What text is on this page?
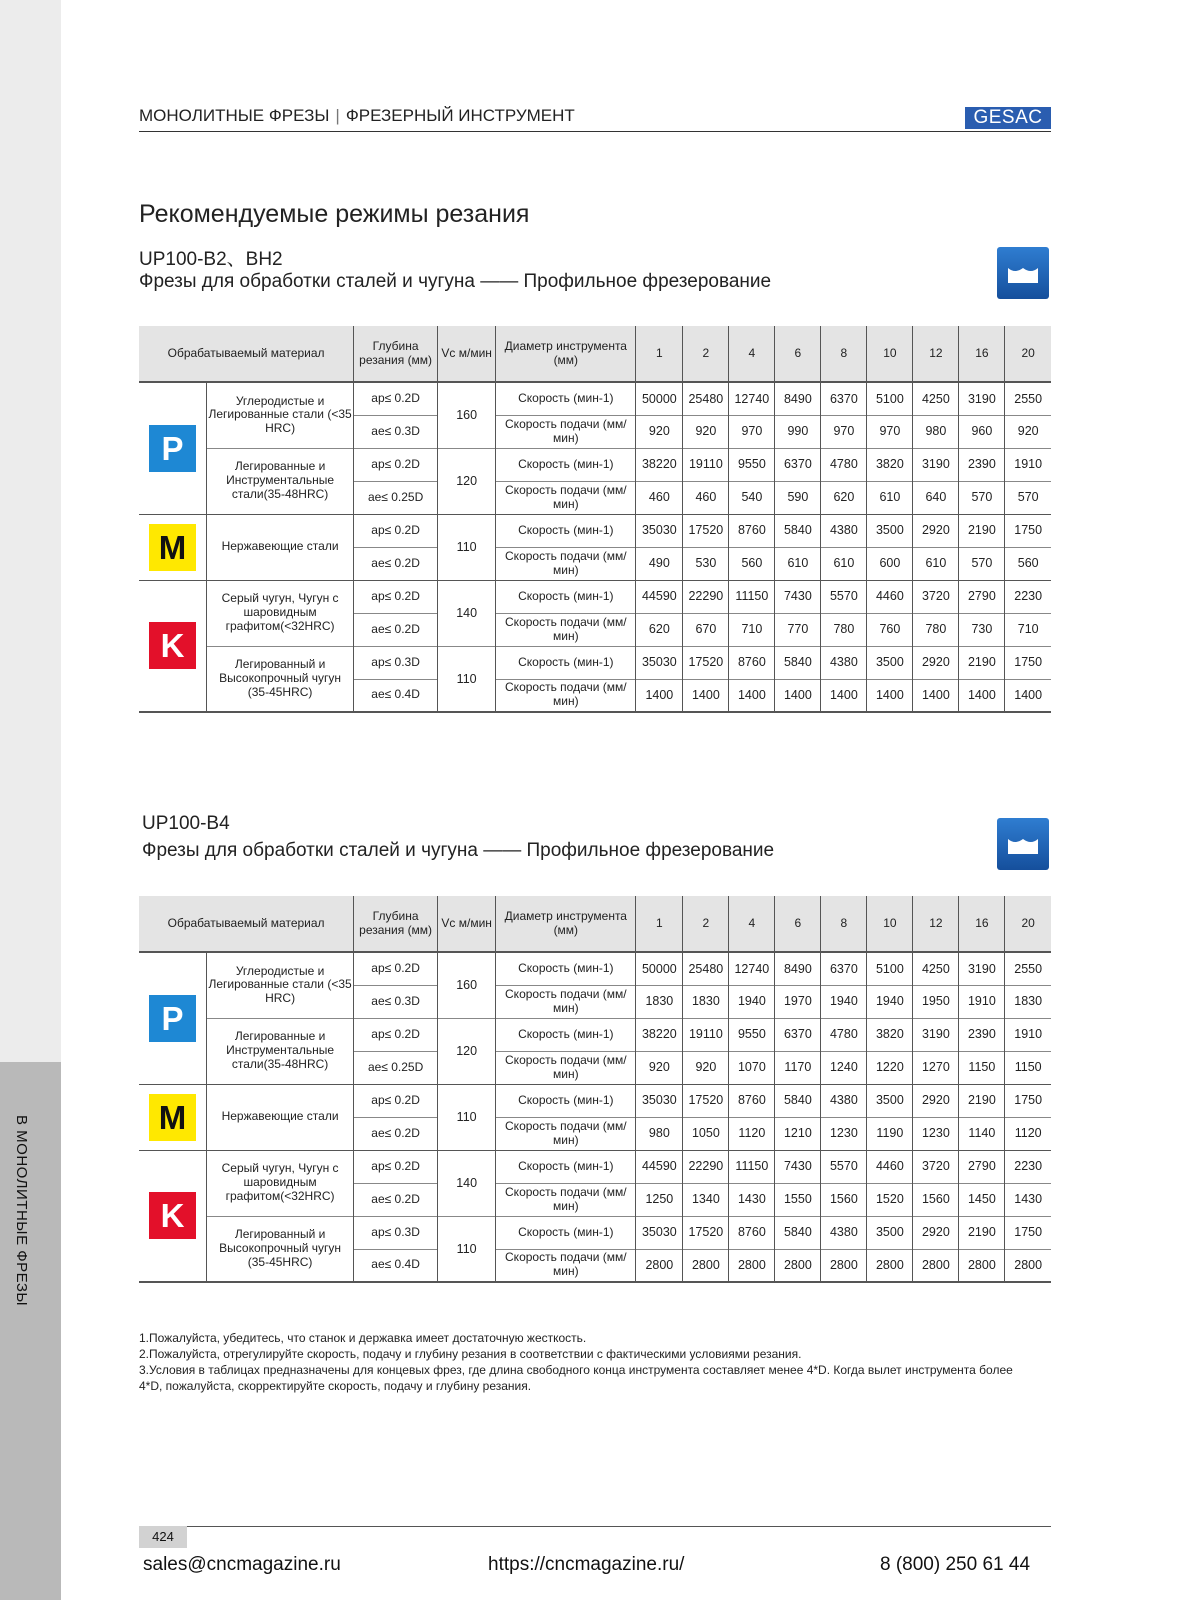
В МОНОЛИТНЫЕ ФРЕЗЫ
МОНОЛИТНЫЕ ФРЕЗЫ | ФРЕЗЕРНЫЙ ИНСТРУМЕНТ	GESAC
Рекомендуемые режимы резания
UP100-B2、BH2
Фрезы для обработки сталей и чугуна —— Профильное фрезерование
Обрабатываемый материал		Глубина резания (мм)	Vc м/мин	Диаметр инструмента (мм)	1	2	4	6	8	10	12	16	20
P	Углеродистые и Легированные стали (<35 HRC)	ap≤ 0.2D	160	Скорость (мин-1)	50000	25480	12740	8490	6370	5100	4250	3190	2550
		ae≤ 0.3D		Скорость подачи (мм/мин)	920	920	970	990	970	970	980	960	920
	Легированные и Инструментальные стали(35-48HRC)	ap≤ 0.2D	120	Скорость (мин-1)	38220	19110	9550	6370	4780	3820	3190	2390	1910
		ae≤ 0.25D		Скорость подачи (мм/мин)	460	460	540	590	620	610	640	570	570
M	Нержавеющие стали	ap≤ 0.2D	110	Скорость (мин-1)	35030	17520	8760	5840	4380	3500	2920	2190	1750
		ae≤ 0.2D		Скорость подачи (мм/мин)	490	530	560	610	610	600	610	570	560
K	Серый чугун, Чугун с шаровидным графитом(<32HRC)	ap≤ 0.2D	140	Скорость (мин-1)	44590	22290	11150	7430	5570	4460	3720	2790	2230
		ae≤ 0.2D		Скорость подачи (мм/мин)	620	670	710	770	780	760	780	730	710
	Легированный и Высокопрочный чугун (35-45HRC)	ap≤ 0.3D	110	Скорость (мин-1)	35030	17520	8760	5840	4380	3500	2920	2190	1750
		ae≤ 0.4D		Скорость подачи (мм/мин)	1400	1400	1400	1400	1400	1400	1400	1400	1400
UP100-B4
Фрезы для обработки сталей и чугуна —— Профильное фрезерование
Обрабатываемый материал		Глубина резания (мм)	Vc м/мин	Диаметр инструмента (мм)	1	2	4	6	8	10	12	16	20
P	Углеродистые и Легированные стали (<35 HRC)	ap≤ 0.2D	160	Скорость (мин-1)	50000	25480	12740	8490	6370	5100	4250	3190	2550
		ae≤ 0.3D		Скорость подачи (мм/мин)	1830	1830	1940	1970	1940	1940	1950	1910	1830
	Легированные и Инструментальные стали(35-48HRC)	ap≤ 0.2D	120	Скорость (мин-1)	38220	19110	9550	6370	4780	3820	3190	2390	1910
		ae≤ 0.25D		Скорость подачи (мм/мин)	920	920	1070	1170	1240	1220	1270	1150	1150
M	Нержавеющие стали	ap≤ 0.2D	110	Скорость (мин-1)	35030	17520	8760	5840	4380	3500	2920	2190	1750
		ae≤ 0.2D		Скорость подачи (мм/мин)	980	1050	1120	1210	1230	1190	1230	1140	1120
K	Серый чугун, Чугун с шаровидным графитом(<32HRC)	ap≤ 0.2D	140	Скорость (мин-1)	44590	22290	11150	7430	5570	4460	3720	2790	2230
		ae≤ 0.2D		Скорость подачи (мм/мин)	1250	1340	1430	1550	1560	1520	1560	1450	1430
	Легированный и Высокопрочный чугун (35-45HRC)	ap≤ 0.3D	110	Скорость (мин-1)	35030	17520	8760	5840	4380	3500	2920	2190	1750
		ae≤ 0.4D		Скорость подачи (мм/мин)	2800	2800	2800	2800	2800	2800	2800	2800	2800
1.Пожалуйста, убедитесь, что станок и державка имеет достаточную жесткость.
2.Пожалуйста, отрегулируйте скорость, подачу и глубину резания в соответствии с фактическими условиями резания.
3.Условия в таблицах предназначены для концевых фрез, где длина свободного конца инструмента составляет менее 4*D. Когда вылет инструмента более 4*D, пожалуйста, скорректируйте скорость, подачу и глубину резания.
424
sales@cncmagazine.ru	https://cncmagazine.ru/	8 (800) 250 61 44
